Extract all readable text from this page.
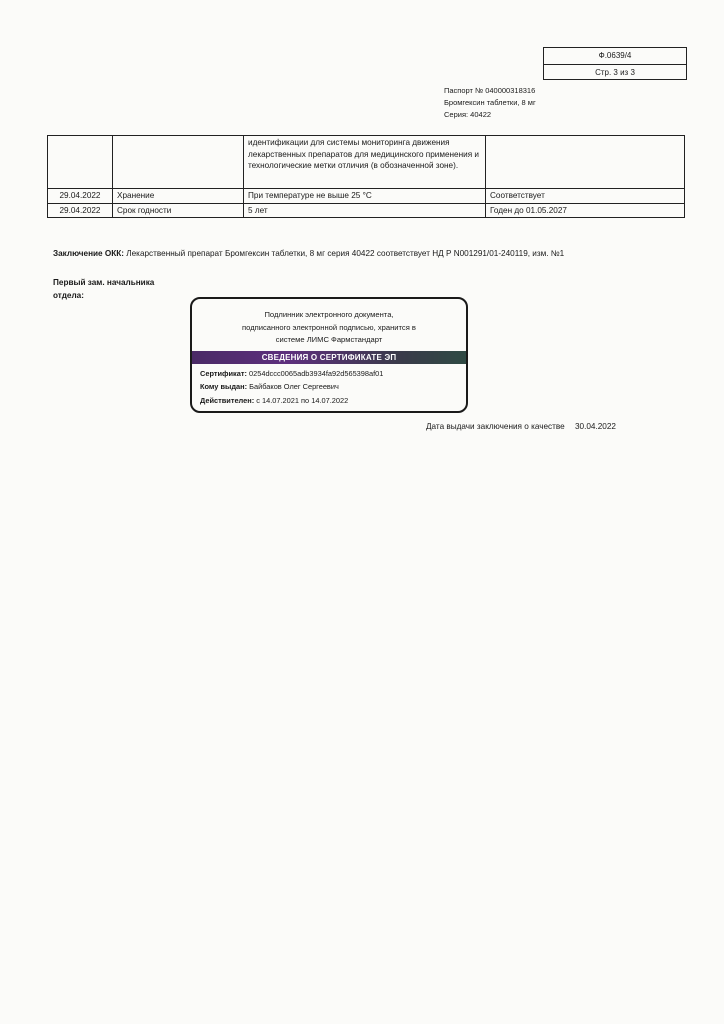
Ф.0639/4
Стр. 3 из 3
Паспорт № 040000318316
Бромгексин таблетки, 8 мг
Серия: 40422
		идентификации для системы мониторинга движения лекарственных препаратов для медицинского применения и технологические метки отличия (в обозначенной зоне).	
29.04.2022	Хранение	При температуре не выше 25 °С	Соответствует
29.04.2022	Срок годности	5 лет	Годен до 01.05.2027
Заключение ОКК: Лекарственный препарат Бромгексин таблетки, 8 мг серия 40422 соответствует НД Р N001291/01-240119, изм. №1
Первый зам. начальника
отдела:
Подлинник электронного документа,
подписанного электронной подписью, хранится в
системе ЛИМС Фармстандарт
СВЕДЕНИЯ О СЕРТИФИКАТЕ ЭП
Сертификат: 0254dccc0065adb3934fa92d565398af01
Кому выдан: Байбаков Олег Сергеевич
Действителен: с 14.07.2021 по 14.07.2022
Дата выдачи заключения о качестве 30.04.2022
